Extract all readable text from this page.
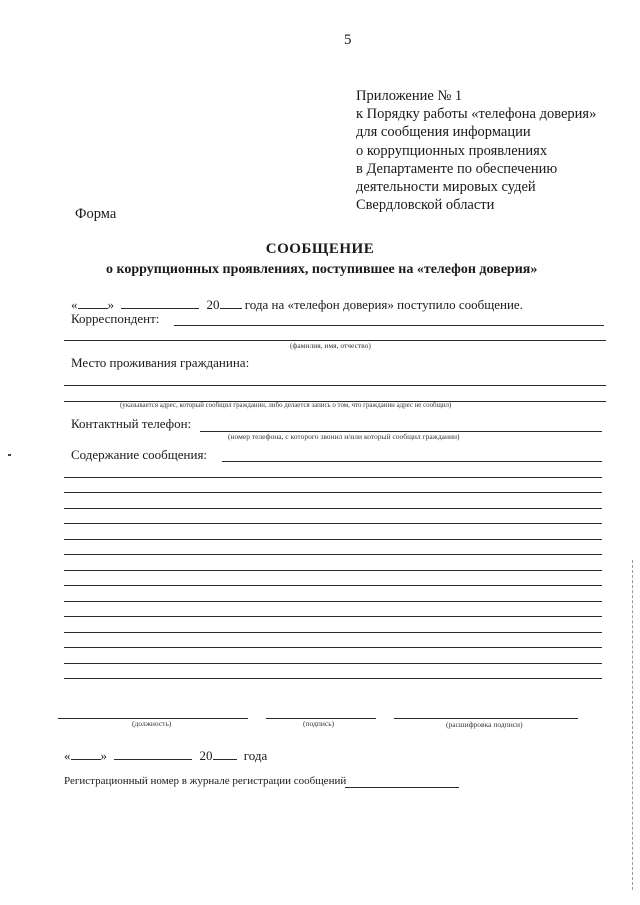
5
Приложение № 1
к Порядку работы «телефона доверия»
для сообщения информации
о коррупционных проявлениях
в Департаменте по обеспечению
деятельности мировых судей
Свердловской области
Форма
СООБЩЕНИЕ
о коррупционных проявлениях, поступившее на «телефон доверия»
« »	20 года на «телефон доверия» поступило сообщение.
Корреспондент:
(фамилия, имя, отчество)
Место проживания гражданина:
(указывается адрес, который сообщил гражданин, либо делается запись о том, что гражданин адрес не сообщил)
Контактный телефон:
(номер телефона, с которого звонил и/или который сообщил гражданин)
Содержание сообщения:
(должность)	(подпись)	(расшифровка подписи)
« »	20 года
Регистрационный номер в журнале регистрации сообщений
